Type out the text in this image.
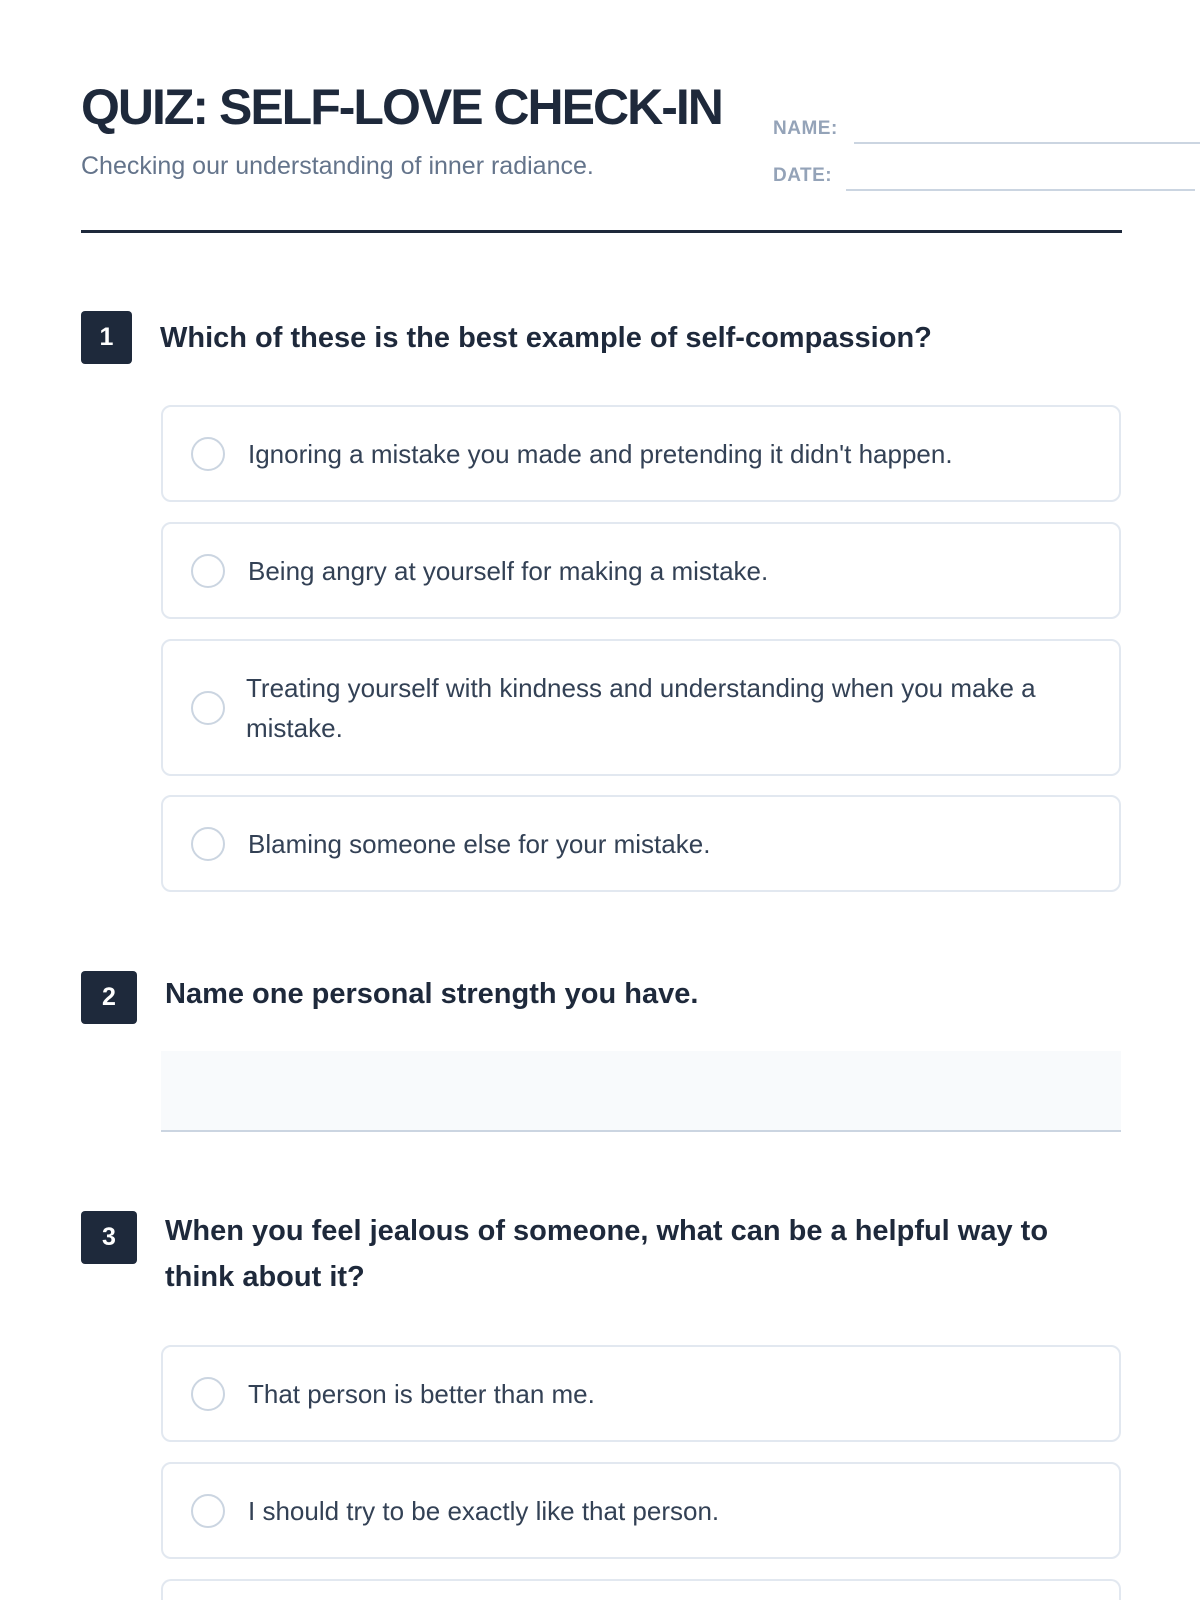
QUIZ: SELF-LOVE CHECK-IN
Checking our understanding of inner radiance.
NAME:
DATE:
1	Which of these is the best example of self-compassion?
Ignoring a mistake you made and pretending it didn't happen.
Being angry at yourself for making a mistake.
Treating yourself with kindness and understanding when you make a mistake.
Blaming someone else for your mistake.
2	Name one personal strength you have.
3	When you feel jealous of someone, what can be a helpful way to think about it?
That person is better than me.
I should try to be exactly like that person.
